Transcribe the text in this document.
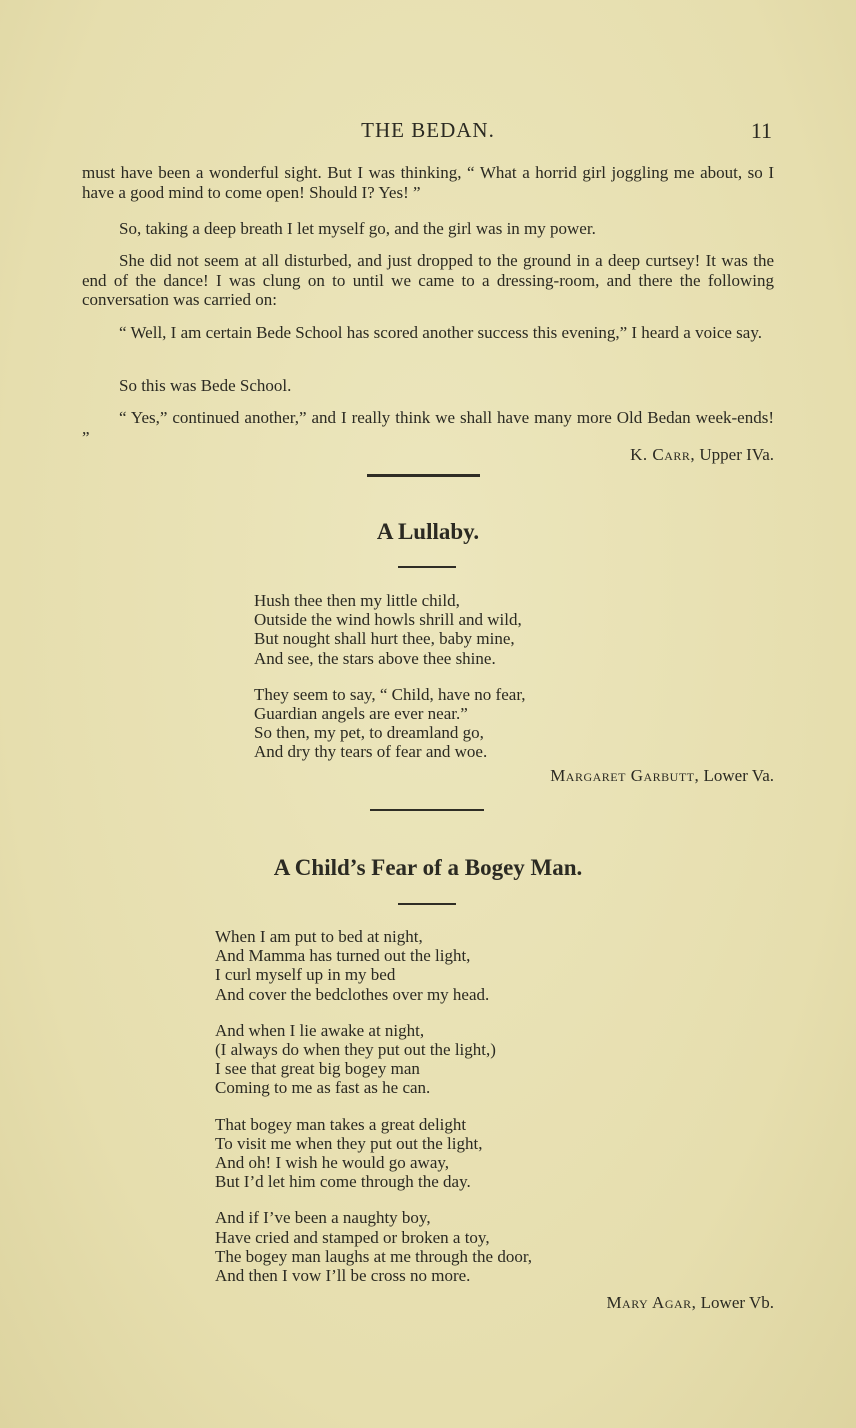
THE BEDAN.	11

must have been a wonderful sight. But I was thinking, “ What a horrid girl joggling me about, so I have a good mind to come open! Should I? Yes! ”

So, taking a deep breath I let myself go, and the girl was in my power.

She did not seem at all disturbed, and just dropped to the ground in a deep curtsey! It was the end of the dance! I was clung on to until we came to a dressing-room, and there the following conversation was carried on:

“ Well, I am certain Bede School has scored another success this evening,” I heard a voice say.

So this was Bede School.

“ Yes,” continued another,” and I really think we shall have many more Old Bedan week-ends! ”

K. Carr, Upper IVa.
A Lullaby.
Hush thee then my little child,
Outside the wind howls shrill and wild,
But nought shall hurt thee, baby mine,
And see, the stars above thee shine.
They seem to say, “ Child, have no fear,
Guardian angels are ever near.”
So then, my pet, to dreamland go,
And dry thy tears of fear and woe.
Margaret Garbutt, Lower Va.
A Child’s Fear of a Bogey Man.
When I am put to bed at night,
And Mamma has turned out the light,
I curl myself up in my bed
And cover the bedclothes over my head.
And when I lie awake at night,
(I always do when they put out the light,)
I see that great big bogey man
Coming to me as fast as he can.
That bogey man takes a great delight
To visit me when they put out the light,
And oh! I wish he would go away,
But I’d let him come through the day.
And if I’ve been a naughty boy,
Have cried and stamped or broken a toy,
The bogey man laughs at me through the door,
And then I vow I’ll be cross no more.
Mary Agar, Lower Vb.
